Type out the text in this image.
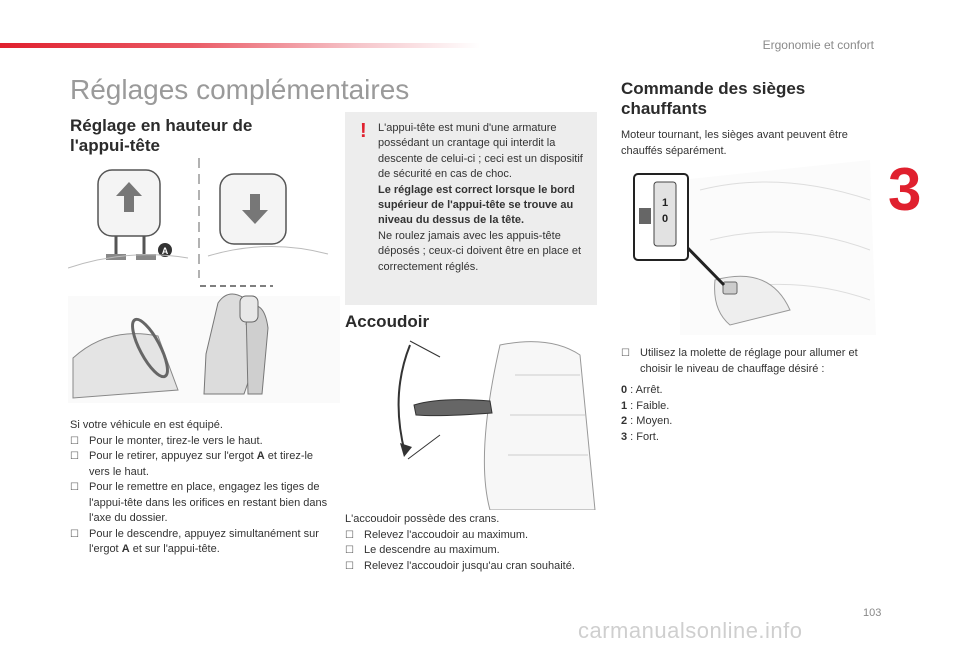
Ergonomie et confort
3
Réglages complémentaires
Réglage en hauteur de
l'appui-tête
A
Si votre véhicule en est équipé.
☐ Pour le monter, tirez-le vers le haut.
☐ Pour le retirer, appuyez sur l'ergot A et tirez-le vers le haut.
☐ Pour le remettre en place, engagez les tiges de l'appui-tête dans les orifices en restant bien dans l'axe du dossier.
☐ Pour le descendre, appuyez simultanément sur l'ergot A et sur l'appui-tête.
! L'appui-tête est muni d'une armature possédant un crantage qui interdit la descente de celui-ci ; ceci est un dispositif de sécurité en cas de choc.
Le réglage est correct lorsque le bord supérieur de l'appui-tête se trouve au niveau du dessus de la tête.
Ne roulez jamais avec les appuis-tête déposés ; ceux-ci doivent être en place et correctement réglés.
Accoudoir
L'accoudoir possède des crans.
☐ Relevez l'accoudoir au maximum.
☐ Le descendre au maximum.
☐ Relevez l'accoudoir jusqu'au cran souhaité.
Commande des sièges
chauffants
Moteur tournant, les sièges avant peuvent être chauffés séparément.
1
0
☐ Utilisez la molette de réglage pour allumer et choisir le niveau de chauffage désiré :
0 : Arrêt.
1 : Faible.
2 : Moyen.
3 : Fort.
103
carmanualsonline.info
